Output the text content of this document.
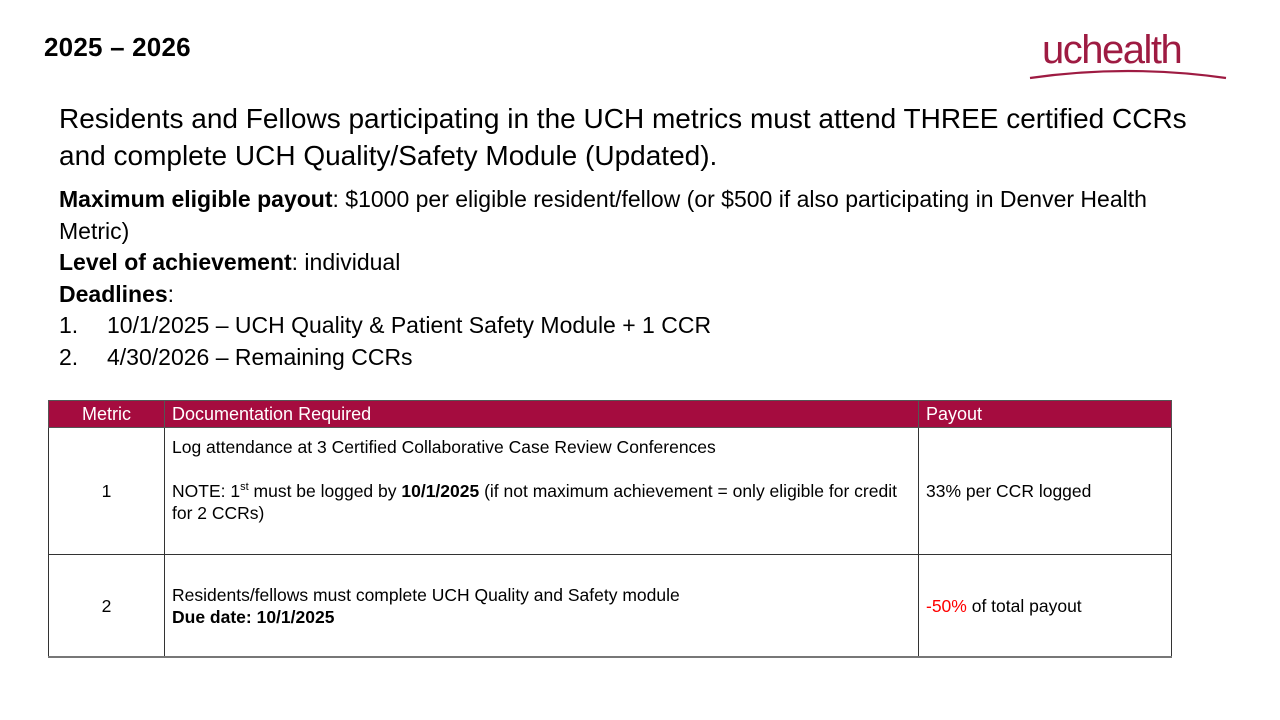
2025 – 2026	uchealth
Residents and Fellows participating in the UCH metrics must attend THREE certified CCRs and complete UCH Quality/Safety Module (Updated).
Maximum eligible payout: $1000 per eligible resident/fellow (or $500 if also participating in Denver Health Metric)
Level of achievement: individual
Deadlines:
1.	10/1/2025 – UCH Quality & Patient Safety Module + 1 CCR
2.	4/30/2026 – Remaining CCRs
Metric	Documentation Required	Payout
1	Log attendance at 3 Certified Collaborative Case Review Conferences
NOTE: 1st must be logged by 10/1/2025 (if not maximum achievement = only eligible for credit for 2 CCRs)	33% per CCR logged
2	Residents/fellows must complete UCH Quality and Safety module
Due date: 10/1/2025	-50% of total payout
